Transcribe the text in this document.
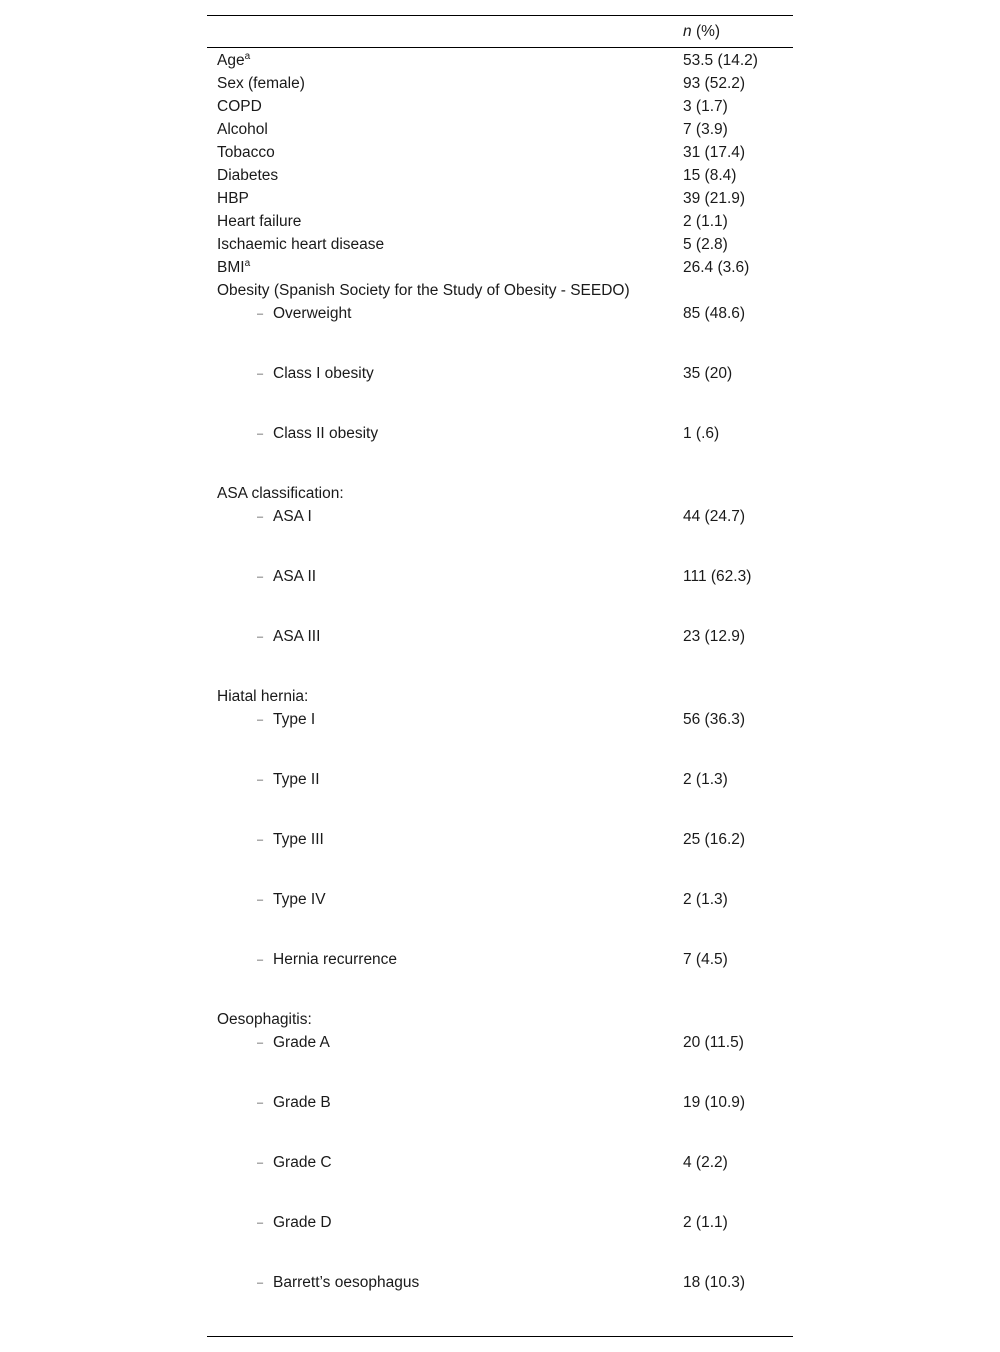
n (%)
Age$^a$	53.5 (14.2)
Sex (female)	93 (52.2)
COPD	3 (1.7)
Alcohol	7 (3.9)
Tobacco	31 (17.4)
Diabetes	15 (8.4)
HBP	39 (21.9)
Heart failure	2 (1.1)
Ischaemic heart disease	5 (2.8)
BMI$^a$	26.4 (3.6)
Obesity (Spanish Society for the Study of Obesity - SEEDO)
– Overweight	85 (48.6)
– Class I obesity	35 (20)
– Class II obesity	1 (.6)
ASA classification:
– ASA I	44 (24.7)
– ASA II	111 (62.3)
– ASA III	23 (12.9)
Hiatal hernia:
– Type I	56 (36.3)
– Type II	2 (1.3)
– Type III	25 (16.2)
– Type IV	2 (1.3)
– Hernia recurrence	7 (4.5)
Oesophagitis:
– Grade A	20 (11.5)
– Grade B	19 (10.9)
– Grade C	4 (2.2)
– Grade D	2 (1.1)
– Barrett’s oesophagus	18 (10.3)
